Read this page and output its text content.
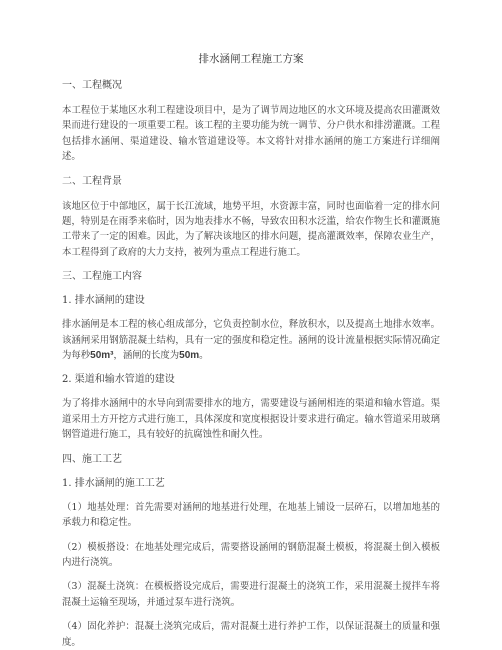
排水涵闸工程施工方案
一、工程概况
本工程位于某地区水利工程建设项目中，是为了调节周边地区的水文环境及提高农田灌溉效果而进行建设的一项重要工程。该工程的主要功能为统一调节、分户供水和排涝灌溉。工程包括排水涵闸、渠道建设、输水管道建设等。本文将针对排水涵闸的施工方案进行详细阐述。
二、工程背景
该地区位于中部地区，属于长江流域，地势平坦，水资源丰富，同时也面临着一定的排水问题，特别是在雨季来临时，因为地表排水不畅，导致农田积水泛滥，给农作物生长和灌溉施工带来了一定的困难。因此，为了解决该地区的排水问题，提高灌溉效率，保障农业生产，本工程得到了政府的大力支持，被列为重点工程进行施工。
三、工程施工内容
1. 排水涵闸的建设
排水涵闸是本工程的核心组成部分，它负责控制水位，释放积水，以及提高土地排水效率。该涵闸采用钢筋混凝土结构，具有一定的强度和稳定性。涵闸的设计流量根据实际情况确定为每秒50m³，涵闸的长度为50m。
2. 渠道和输水管道的建设
为了将排水涵闸中的水导向到需要排水的地方，需要建设与涵闸相连的渠道和输水管道。渠道采用土方开挖方式进行施工，具体深度和宽度根据设计要求进行确定。输水管道采用玻璃钢管道进行施工，具有较好的抗腐蚀性和耐久性。
四、施工工艺
1. 排水涵闸的施工工艺
（1）地基处理：首先需要对涵闸的地基进行处理，在地基上铺设一层碎石，以增加地基的承载力和稳定性。
（2）模板搭设：在地基处理完成后，需要搭设涵闸的钢筋混凝土模板，将混凝土倒入模板内进行浇筑。
（3）混凝土浇筑：在模板搭设完成后，需要进行混凝土的浇筑工作，采用混凝土搅拌车将混凝土运输至现场，并通过泵车进行浇筑。
（4）固化养护：混凝土浇筑完成后，需对混凝土进行养护工作，以保证混凝土的质量和强度。
